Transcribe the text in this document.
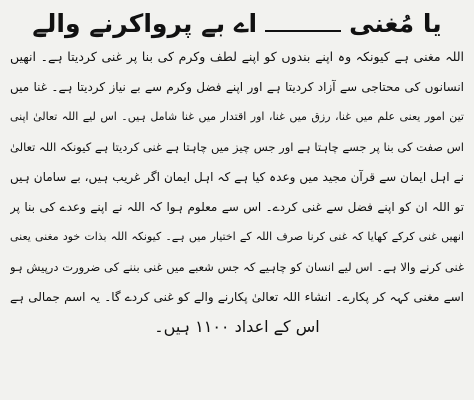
یا مُغنی
اے بے پرواکرنے والے
اللہ مغنی ہے کیونکہ وہ اپنے بندوں کو اپنے لطف وکرم کی بنا پر غنی کردیتا ہے۔ انھیں
انسانوں کی محتاجی سے آزاد کردیتا ہے اور اپنے فضل وکرم سے بے نیاز کردیتا ہے۔ غنا میں
تین امور یعنی علم میں غنا، رزق میں غنا، اور اقتدار میں غنا شامل ہیں۔ اس لیے اللہ تعالیٰ اپنی
اس صفت کی بنا پر جسے چاہتا ہے اور جس چیز میں چاہتا ہے غنی کردیتا ہے کیونکہ اللہ تعالیٰ
نے اہل ایمان سے قرآن مجید میں وعدہ کیا ہے کہ اہل ایمان اگر غریب ہیں، بے سامان ہیں
تو اللہ ان کو اپنے فضل سے غنی کردے۔ اس سے معلوم ہوا کہ اللہ نے اپنے وعدے کی بنا پر
انھیں غنی کرکے کھایا کہ غنی کرنا صرف اللہ کے اختیار میں ہے۔ کیونکہ اللہ بذات خود مغنی یعنی
غنی کرنے والا ہے۔ اس لیے انسان کو چاہیے کہ جس شعبے میں غنی بننے کی ضرورت درپیش ہو
اسے مغنی کہہ کر پکارے۔ انشاء اللہ تعالیٰ پکارنے والے کو غنی کردے گا۔ یہ اسم جمالی ہے
اس کے اعداد ۱۱۰۰ ہیں۔
